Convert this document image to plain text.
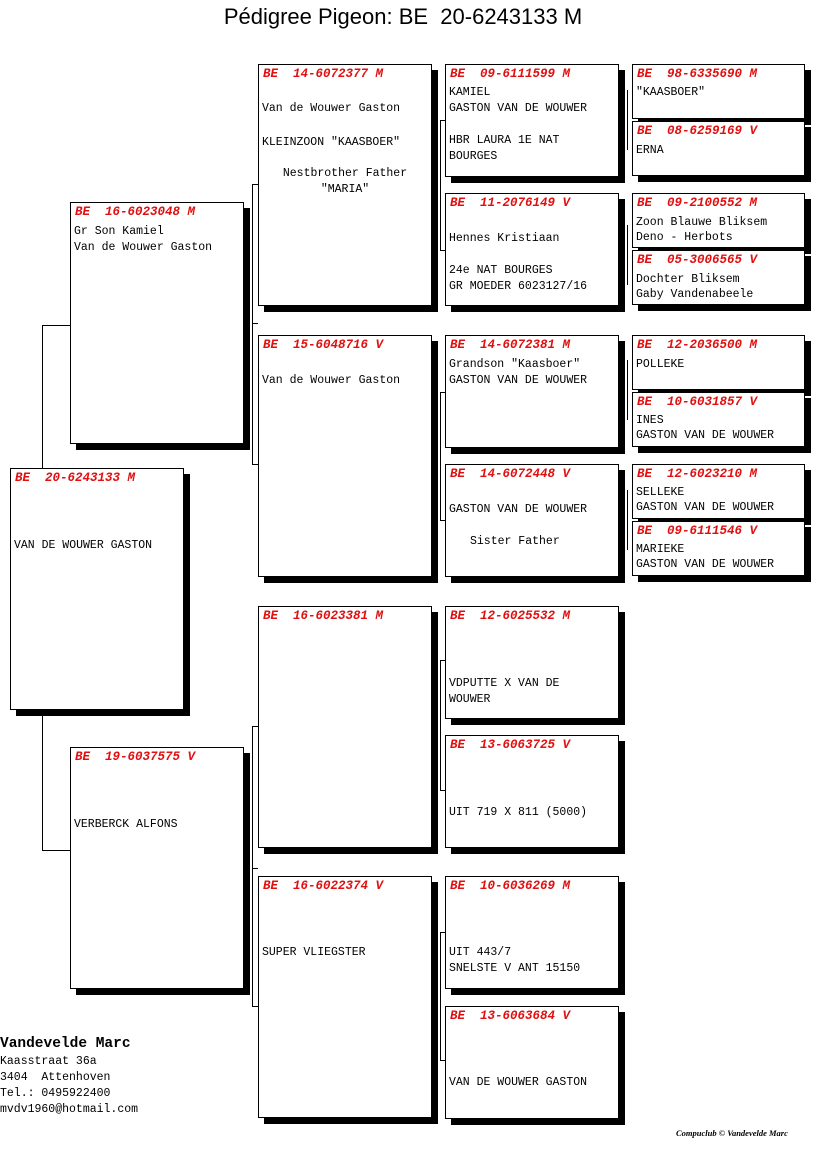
Pédigree Pigeon: BE  20-6243133 M
BE  20-6243133 M
VAN DE WOUWER GASTON
BE  16-6023048 M
Gr Son Kamiel
Van de Wouwer Gaston
BE  19-6037575 V
VERBERCK ALFONS
BE  14-6072377 M
Van de Wouwer Gaston
KLEINZOON "KAASBOER"
Nestbrother Father
"MARIA"
BE  15-6048716 V
Van de Wouwer Gaston
BE  16-6023381 M
BE  16-6022374 V
SUPER VLIEGSTER
BE  09-6111599 M
KAMIEL
GASTON VAN DE WOUWER
HBR LAURA 1E NAT
BOURGES
BE  11-2076149 V
Hennes Kristiaan
24e NAT BOURGES
GR MOEDER 6023127/16
BE  14-6072381 M
Grandson "Kaasboer"
GASTON VAN DE WOUWER
BE  14-6072448 V
GASTON VAN DE WOUWER
Sister Father
BE  12-6025532 M
VDPUTTE X VAN DE
WOUWER
BE  13-6063725 V
UIT 719 X 811 (5000)
BE  10-6036269 M
UIT 443/7
SNELSTE V ANT 15150
BE  13-6063684 V
VAN DE WOUWER GASTON
BE  98-6335690 M
"KAASBOER"
BE  08-6259169 V
ERNA
BE  09-2100552 M
Zoon Blauwe Bliksem
Deno - Herbots
BE  05-3006565 V
Dochter Bliksem
Gaby Vandenabeele
BE  12-2036500 M
POLLEKE
BE  10-6031857 V
INES
GASTON VAN DE WOUWER
BE  12-6023210 M
SELLEKE
GASTON VAN DE WOUWER
BE  09-6111546 V
MARIEKE
GASTON VAN DE WOUWER
Vandevelde Marc
Kaasstraat 36a
3404  Attenhoven
Tel.: 0495922400
mvdv1960@hotmail.com
Compuclub © Vandevelde Marc
